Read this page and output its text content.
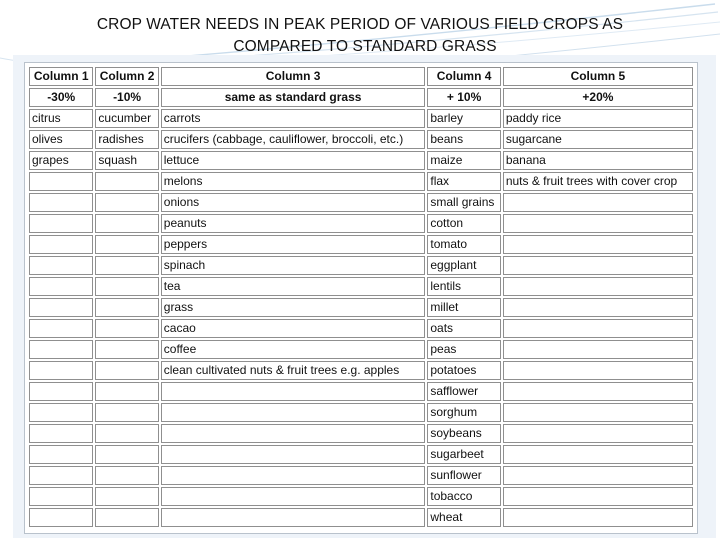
CROP WATER NEEDS IN PEAK PERIOD OF VARIOUS FIELD CROPS AS
COMPARED TO STANDARD GRASS
Column 1	Column 2	Column 3	Column 4	Column 5
-30%	-10%	same as standard grass	+ 10%	+20%
citrus	cucumber	carrots	barley	paddy rice
olives	radishes	crucifers (cabbage, cauliflower, broccoli, etc.)	beans	sugarcane
grapes	squash	lettuce	maize	banana
		melons	flax	nuts & fruit trees with cover crop
		onions	small grains	
		peanuts	cotton	
		peppers	tomato	
		spinach	eggplant	
		tea	lentils	
		grass	millet	
		cacao	oats	
		coffee	peas	
		clean cultivated nuts & fruit trees e.g. apples	potatoes	
			safflower	
			sorghum	
			soybeans	
			sugarbeet	
			sunflower	
			tobacco	
			wheat	
